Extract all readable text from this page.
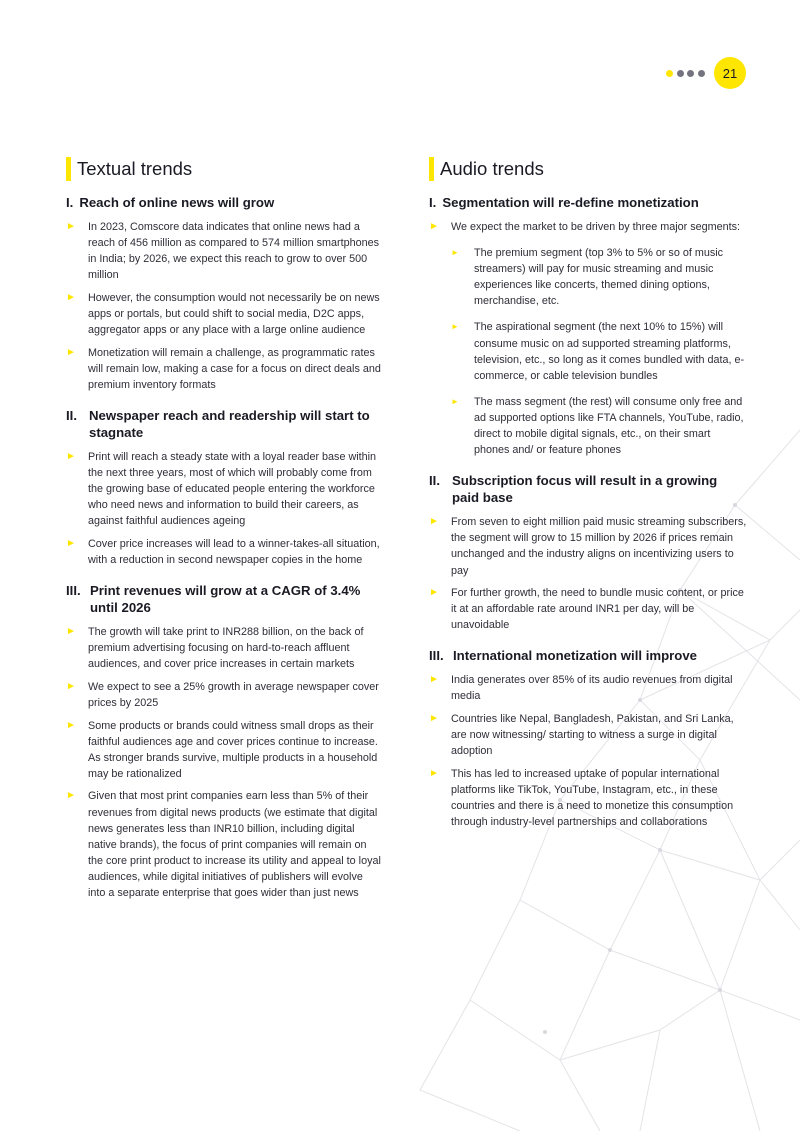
21
Textual trends
I. Reach of online news will grow
► In 2023, Comscore data indicates that online news had a reach of 456 million as compared to 574 million smartphones in India; by 2026, we expect this reach to grow to over 500 million
► However, the consumption would not necessarily be on news apps or portals, but could shift to social media, D2C apps, aggregator apps or any place with a large online audience
► Monetization will remain a challenge, as programmatic rates will remain low, making a case for a focus on direct deals and premium inventory formats
II. Newspaper reach and readership will start to stagnate
► Print will reach a steady state with a loyal reader base within the next three years, most of which will probably come from the growing base of educated people entering the workforce who need news and information to build their careers, as against faithful audiences ageing
► Cover price increases will lead to a winner-takes-all situation, with a reduction in second newspaper copies in the home
III. Print revenues will grow at a CAGR of 3.4% until 2026
► The growth will take print to INR288 billion, on the back of premium advertising focusing on hard-to-reach affluent audiences, and cover price increases in certain markets
► We expect to see a 25% growth in average newspaper cover prices by 2025
► Some products or brands could witness small drops as their faithful audiences age and cover prices continue to increase. As stronger brands survive, multiple products in a household may be rationalized
► Given that most print companies earn less than 5% of their revenues from digital news products (we estimate that digital news generates less than INR10 billion, including digital native brands), the focus of print companies will remain on the core print product to increase its utility and appeal to loyal audiences, while digital initiatives of publishers will evolve into a separate enterprise that goes wider than just news
Audio trends
I. Segmentation will re-define monetization
► We expect the market to be driven by three major segments:
► The premium segment (top 3% to 5% or so of music streamers) will pay for music streaming and music experiences like concerts, themed dining options, merchandise, etc.
► The aspirational segment (the next 10% to 15%) will consume music on ad supported streaming platforms, television, etc., so long as it comes bundled with data, e-commerce, or cable television bundles
► The mass segment (the rest) will consume only free and ad supported options like FTA channels, YouTube, radio, direct to mobile digital signals, etc., on their smart phones and/ or feature phones
II. Subscription focus will result in a growing paid base
► From seven to eight million paid music streaming subscribers, the segment will grow to 15 million by 2026 if prices remain unchanged and the industry aligns on incentivizing users to pay
► For further growth, the need to bundle music content, or price it at an affordable rate around INR1 per day, will be unavoidable
III. International monetization will improve
► India generates over 85% of its audio revenues from digital media
► Countries like Nepal, Bangladesh, Pakistan, and Sri Lanka, are now witnessing/ starting to witness a surge in digital adoption
► This has led to increased uptake of popular international platforms like TikTok, YouTube, Instagram, etc., in these countries and there is a need to monetize this consumption through industry-level partnerships and collaborations
